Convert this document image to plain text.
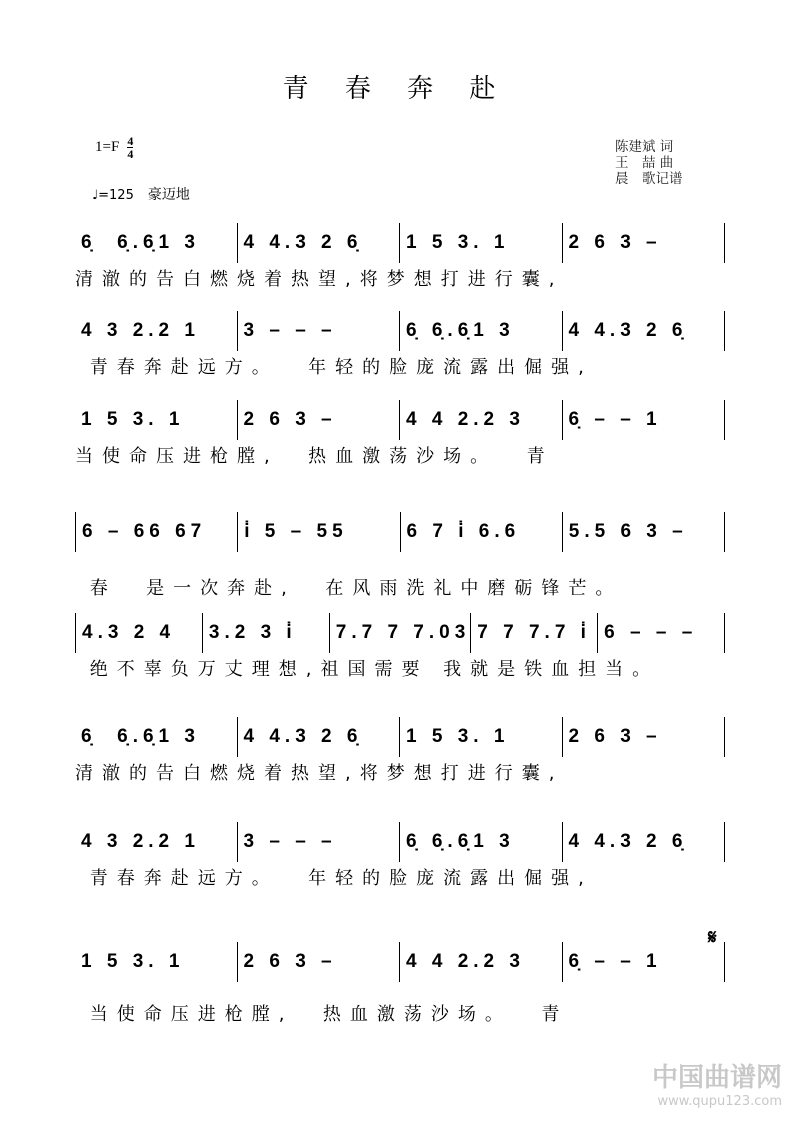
青 春 奔 赴
$1=F \frac{4}{4}$
♩=125 豪迈地
陈建斌 词
王　喆 曲
晨　歌记谱
6̣  6̣.6̣1 3	4 4.3 2 6̣	1 5 3. 1	2 6 3 –
清澈的告白燃烧着热望,将梦想打进行囊,
4 3 2.2 1	3 – – –	6̣ 6̣.6̣1 3	4 4.3 2 6̣
青春奔赴远方。  年轻的脸庞流露出倔强,
1 5 3. 1	2 6 3 –	4 4 2.2 3	6̣ – – 1
当使命压进枪膛,  热血激荡沙场。  青
6 – 66 67	i̇ 5 – 55	6 7 i̇ 6.6	5.5 6 3 –
春  是一次奔赴,  在风雨洗礼中磨砺锋芒。
4.3 2 4	3.2 3 i̇	7.7 7 7.03 7 7 7.7 i̇ 6 – – –
绝不辜负万丈理想,祖国需要 我就是铁血担当。
6̣  6̣.6̣1 3	4 4.3 2 6̣	1 5 3. 1	2 6 3 –
清澈的告白燃烧着热望,将梦想打进行囊,
4 3 2.2 1	3 – – –	6̣ 6̣.6̣1 3	4 4.3 2 6̣
青春奔赴远方。  年轻的脸庞流露出倔强,
1 5 3. 1	2 6 3 –	4 4 2.2 3	6̣ – – 1
当使命压进枪膛,  热血激荡沙场。  青
𝄋
中国曲谱网
www.qupu123.com
